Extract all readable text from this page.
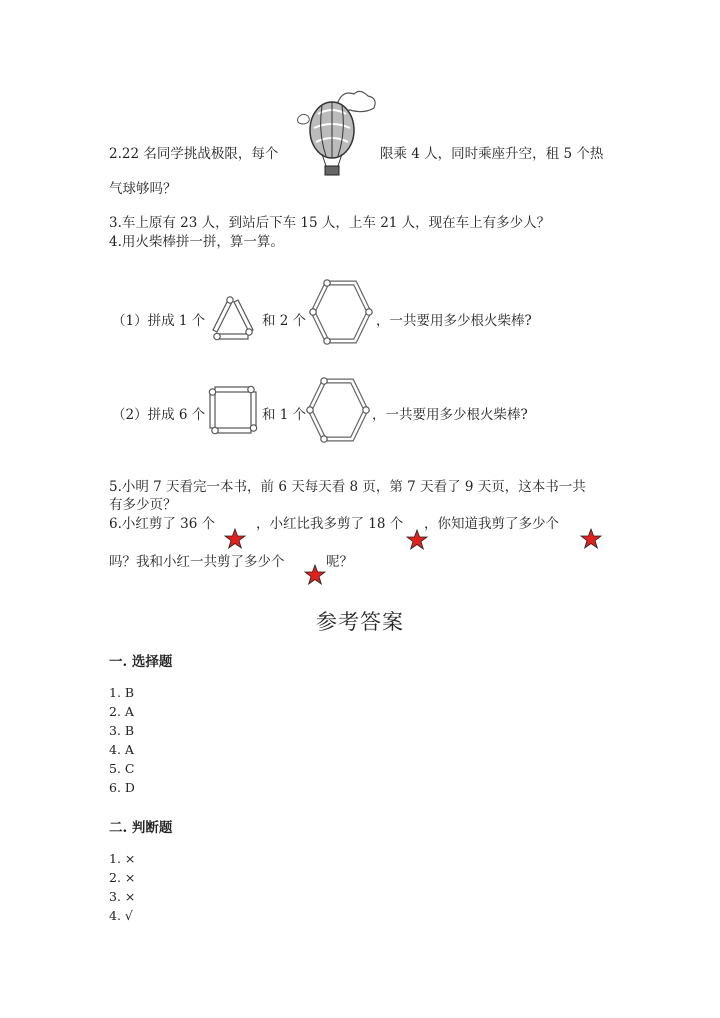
2.22 名同学挑战极限，每个	限乘 4 人，同时乘座升空，租 5 个热
气球够吗？
3.车上原有 23 人，到站后下车 15 人，上车 21 人，现在车上有多少人？
4.用火柴棒拼一拼，算一算。
（1）拼成 1 个	和 2 个	，一共要用多少根火柴棒?
（2）拼成 6 个	和 1 个	，一共要用多少根火柴棒?
5.小明 7 天看完一本书，前 6 天每天看 8 页，第 7 天看了 9 天页，这本书一共
有多少页？
6.小红剪了 36 个	，小红比我多剪了 18 个 ，你知道我剪了多少个
吗？我和小红一共剪了多少个	呢？
参考答案
一. 选择题
1. B
2. A
3. B
4. A
5. C
6. D
二. 判断题
1. ×
2. ×
3. ×
4. √
